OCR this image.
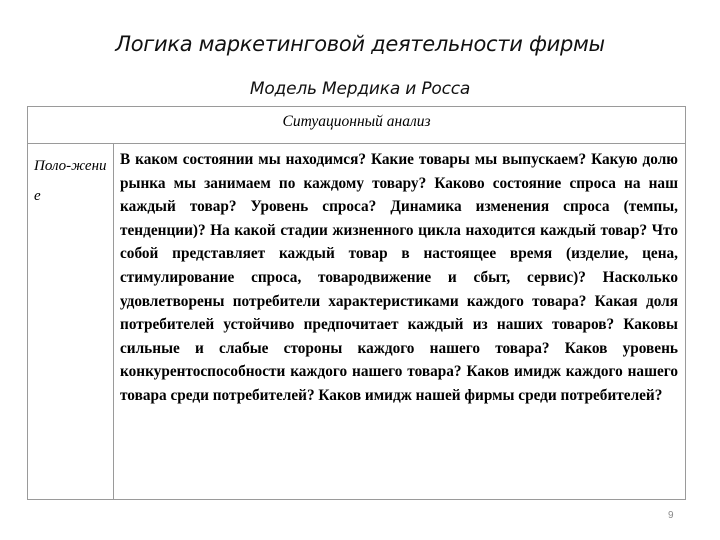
Логика маркетинговой деятельности фирмы
Модель Мердика и Росса
Ситуационный анализ
Поло-жение
В каком состоянии мы находимся? Какие товары мы выпускаем? Какую долю рынка мы занимаем по каждому товару? Каково состояние спроса на наш каждый товар? Уровень спроса? Динамика изменения спроса (темпы, тенденции)? На какой стадии жизненного цикла находится каждый товар? Что собой представляет каждый товар в настоящее время (изделие, цена, стимулирование спроса, товародвижение и сбыт, сервис)? Насколько удовлетворены потребители характеристиками каждого товара? Какая доля потребителей устойчиво предпочитает каждый из наших товаров? Каковы сильные и слабые стороны каждого нашего товара? Каков уровень конкурентоспособности каждого нашего товара? Каков имидж каждого нашего товара среди потребителей? Каков имидж нашей фирмы среди потребителей?
9
